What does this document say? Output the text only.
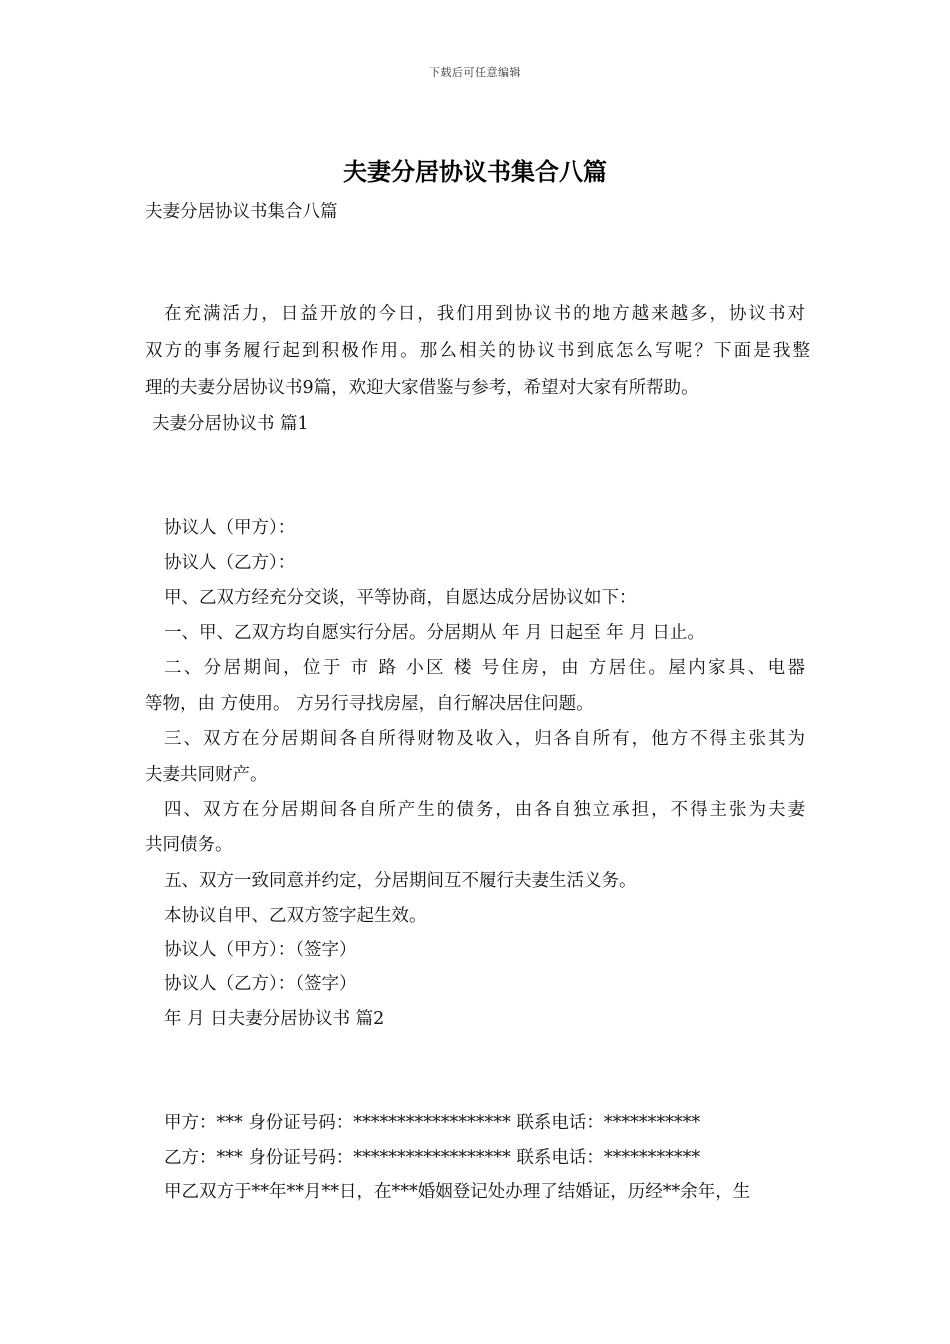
下载后可任意编辑
夫妻分居协议书集合八篇
夫妻分居协议书集合八篇
在充满活力，日益开放的今日，我们用到协议书的地方越来越多，协议书对
双方的事务履行起到积极作用。那么相关的协议书到底怎么写呢？下面是我整
理的夫妻分居协议书9篇，欢迎大家借鉴与参考，希望对大家有所帮助。
夫妻分居协议书 篇1
协议人（甲方）：
协议人（乙方）：
甲、乙双方经充分交谈，平等协商，自愿达成分居协议如下：
一、甲、乙双方均自愿实行分居。分居期从 年 月 日起至 年 月 日止。
二、分居期间，位于 市 路 小区 楼 号住房，由 方居住。屋内家具、电器
等物，由 方使用。 方另行寻找房屋，自行解决居住问题。
三、双方在分居期间各自所得财物及收入，归各自所有，他方不得主张其为
夫妻共同财产。
四、双方在分居期间各自所产生的债务，由各自独立承担，不得主张为夫妻
共同债务。
五、双方一致同意并约定，分居期间互不履行夫妻生活义务。
本协议自甲、乙双方签字起生效。
协议人（甲方）：（签字）
协议人（乙方）：（签字）
年 月 日夫妻分居协议书 篇2
甲方：*** 身份证号码：****************** 联系电话：***********
乙方：*** 身份证号码：****************** 联系电话：***********
甲乙双方于**年**月**日，在***婚姻登记处办理了结婚证，历经**余年，生
